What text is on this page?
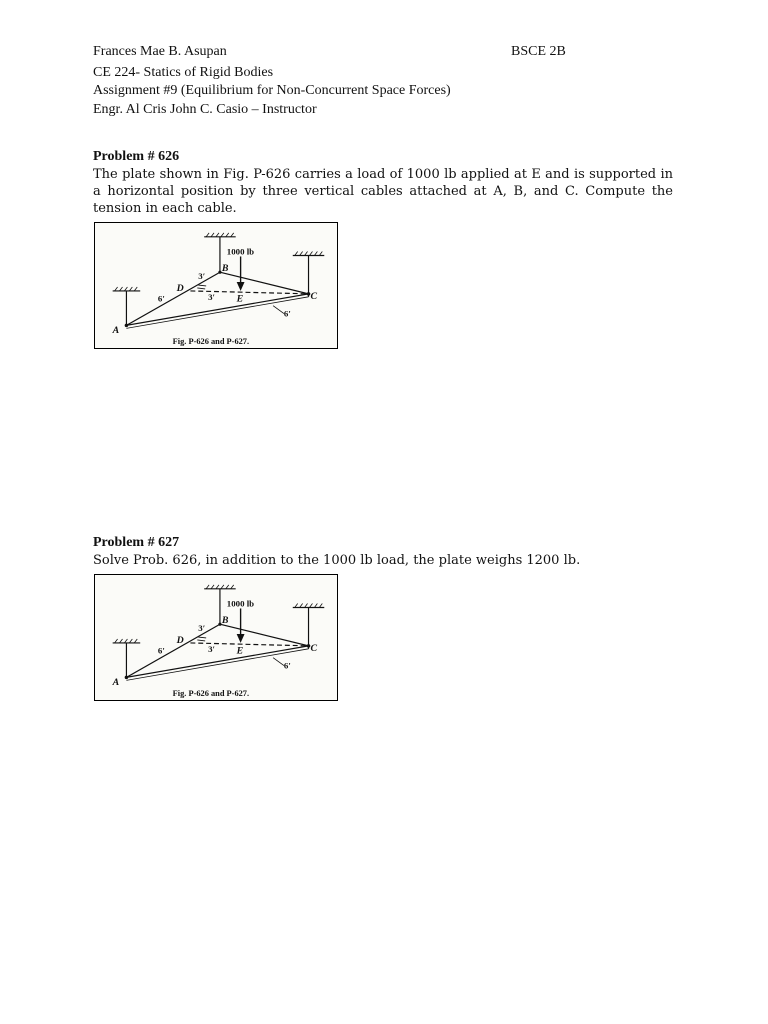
Frances Mae B. Asupan	BSCE 2B
CE 224- Statics of Rigid Bodies
Assignment #9 (Equilibrium for Non-Concurrent Space Forces)
Engr. Al Cris John C. Casio – Instructor
Problem # 626
The plate shown in Fig. P-626 carries a load of 1000 lb applied at E and is supported in a horizontal position by three vertical cables attached at A, B, and C. Compute the tension in each cable.
1000 lb
B
C
D
E
A
3′
6′	3′
6′
Fig. P-626 and P-627.
Problem # 627
Solve Prob. 626, in addition to the 1000 lb load, the plate weighs 1200 lb.
1000 lb
B
C
D
E
A
3′
6′	3′
6′
Fig. P-626 and P-627.
